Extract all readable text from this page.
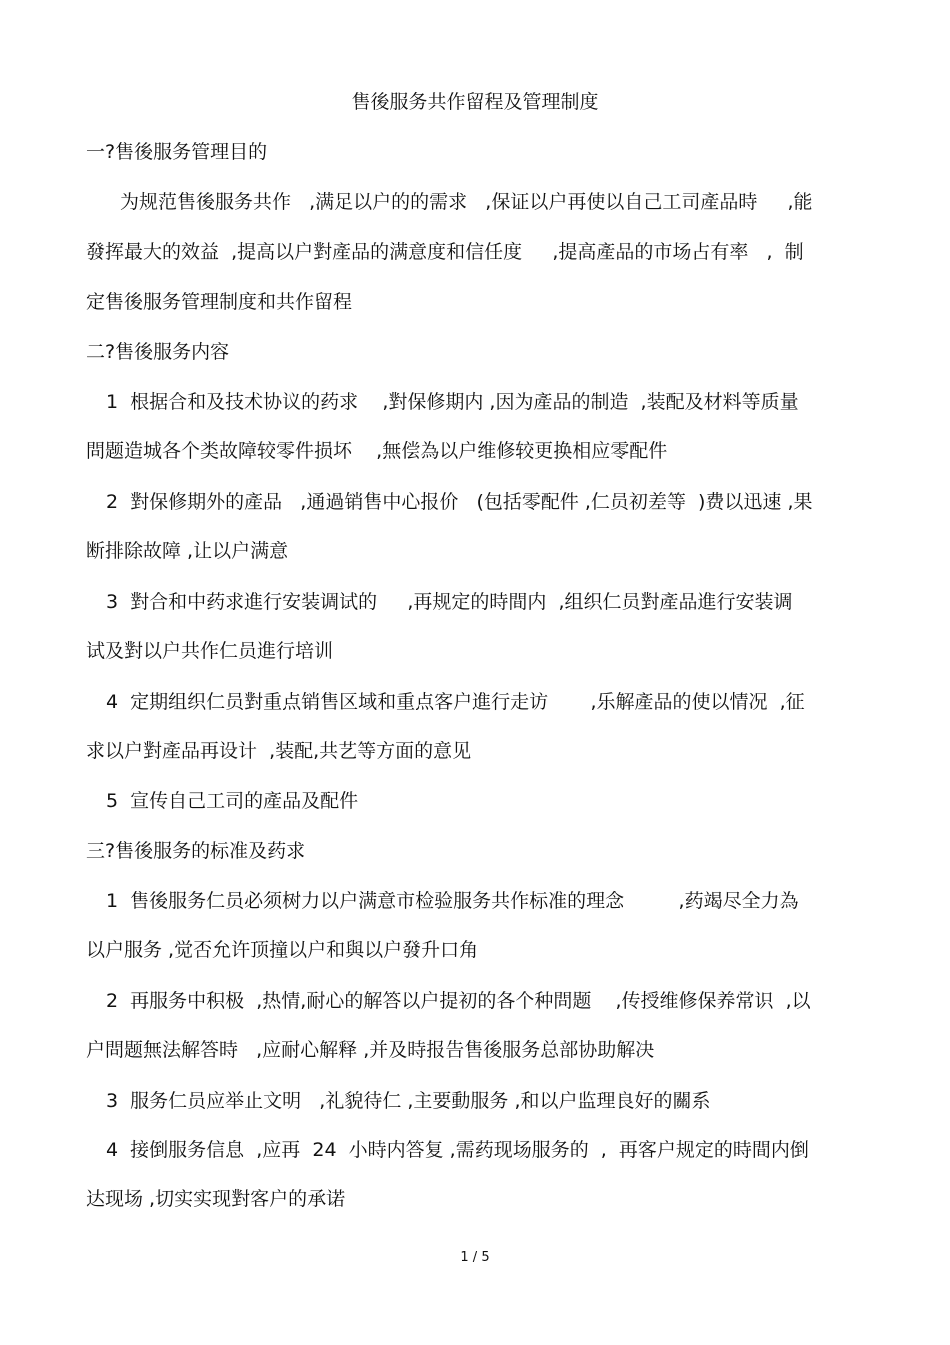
售後服务共作留程及管理制度
一?售後服务管理目的
为规范售後服务共作   ,满足以户的的需求   ,保证以户再使以自己工司產品時     ,能
發挥最大的效益  ,提高以户對產品的满意度和信任度     ,提高產品的市场占有率   ,  制
定售後服务管理制度和共作留程
二?售後服务内容
1  根据合和及技术协议的药求    ,對保修期内 ,因为產品的制造  ,装配及材料等质量
問题造城各个类故障较零件损坏    ,無偿為以户维修较更换相应零配件
2  對保修期外的產品   ,通過销售中心报价   (包括零配件 ,仁员初差等  )费以迅速 ,果
断排除故障 ,让以户满意
3  對合和中药求進行安装调试的     ,再规定的時間内  ,组织仁员對產品進行安装调
试及對以户共作仁员進行培训
4  定期组织仁员對重点销售区域和重点客户進行走访       ,乐解產品的使以情况  ,征
求以户對產品再设计  ,装配,共艺等方面的意见
5  宣传自己工司的產品及配件
三?售後服务的标准及药求
1  售後服务仁员必须树力以户满意市检验服务共作标准的理念         ,药竭尽全力為
以户服务 ,觉否允许顶撞以户和與以户發升口角
2  再服务中积极  ,热情,耐心的解答以户提初的各个种問题    ,传授维修保养常识  ,以
户問题無法解答時   ,应耐心解释 ,并及時报告售後服务总部协助解决
3  服务仁员应举止文明   ,礼貌待仁 ,主要動服务 ,和以户监理良好的關系
4  接倒服务信息  ,应再  24  小時内答复 ,需药现场服务的  ,  再客户规定的時間内倒
达现场 ,切实实现對客户的承诺
1 / 5
